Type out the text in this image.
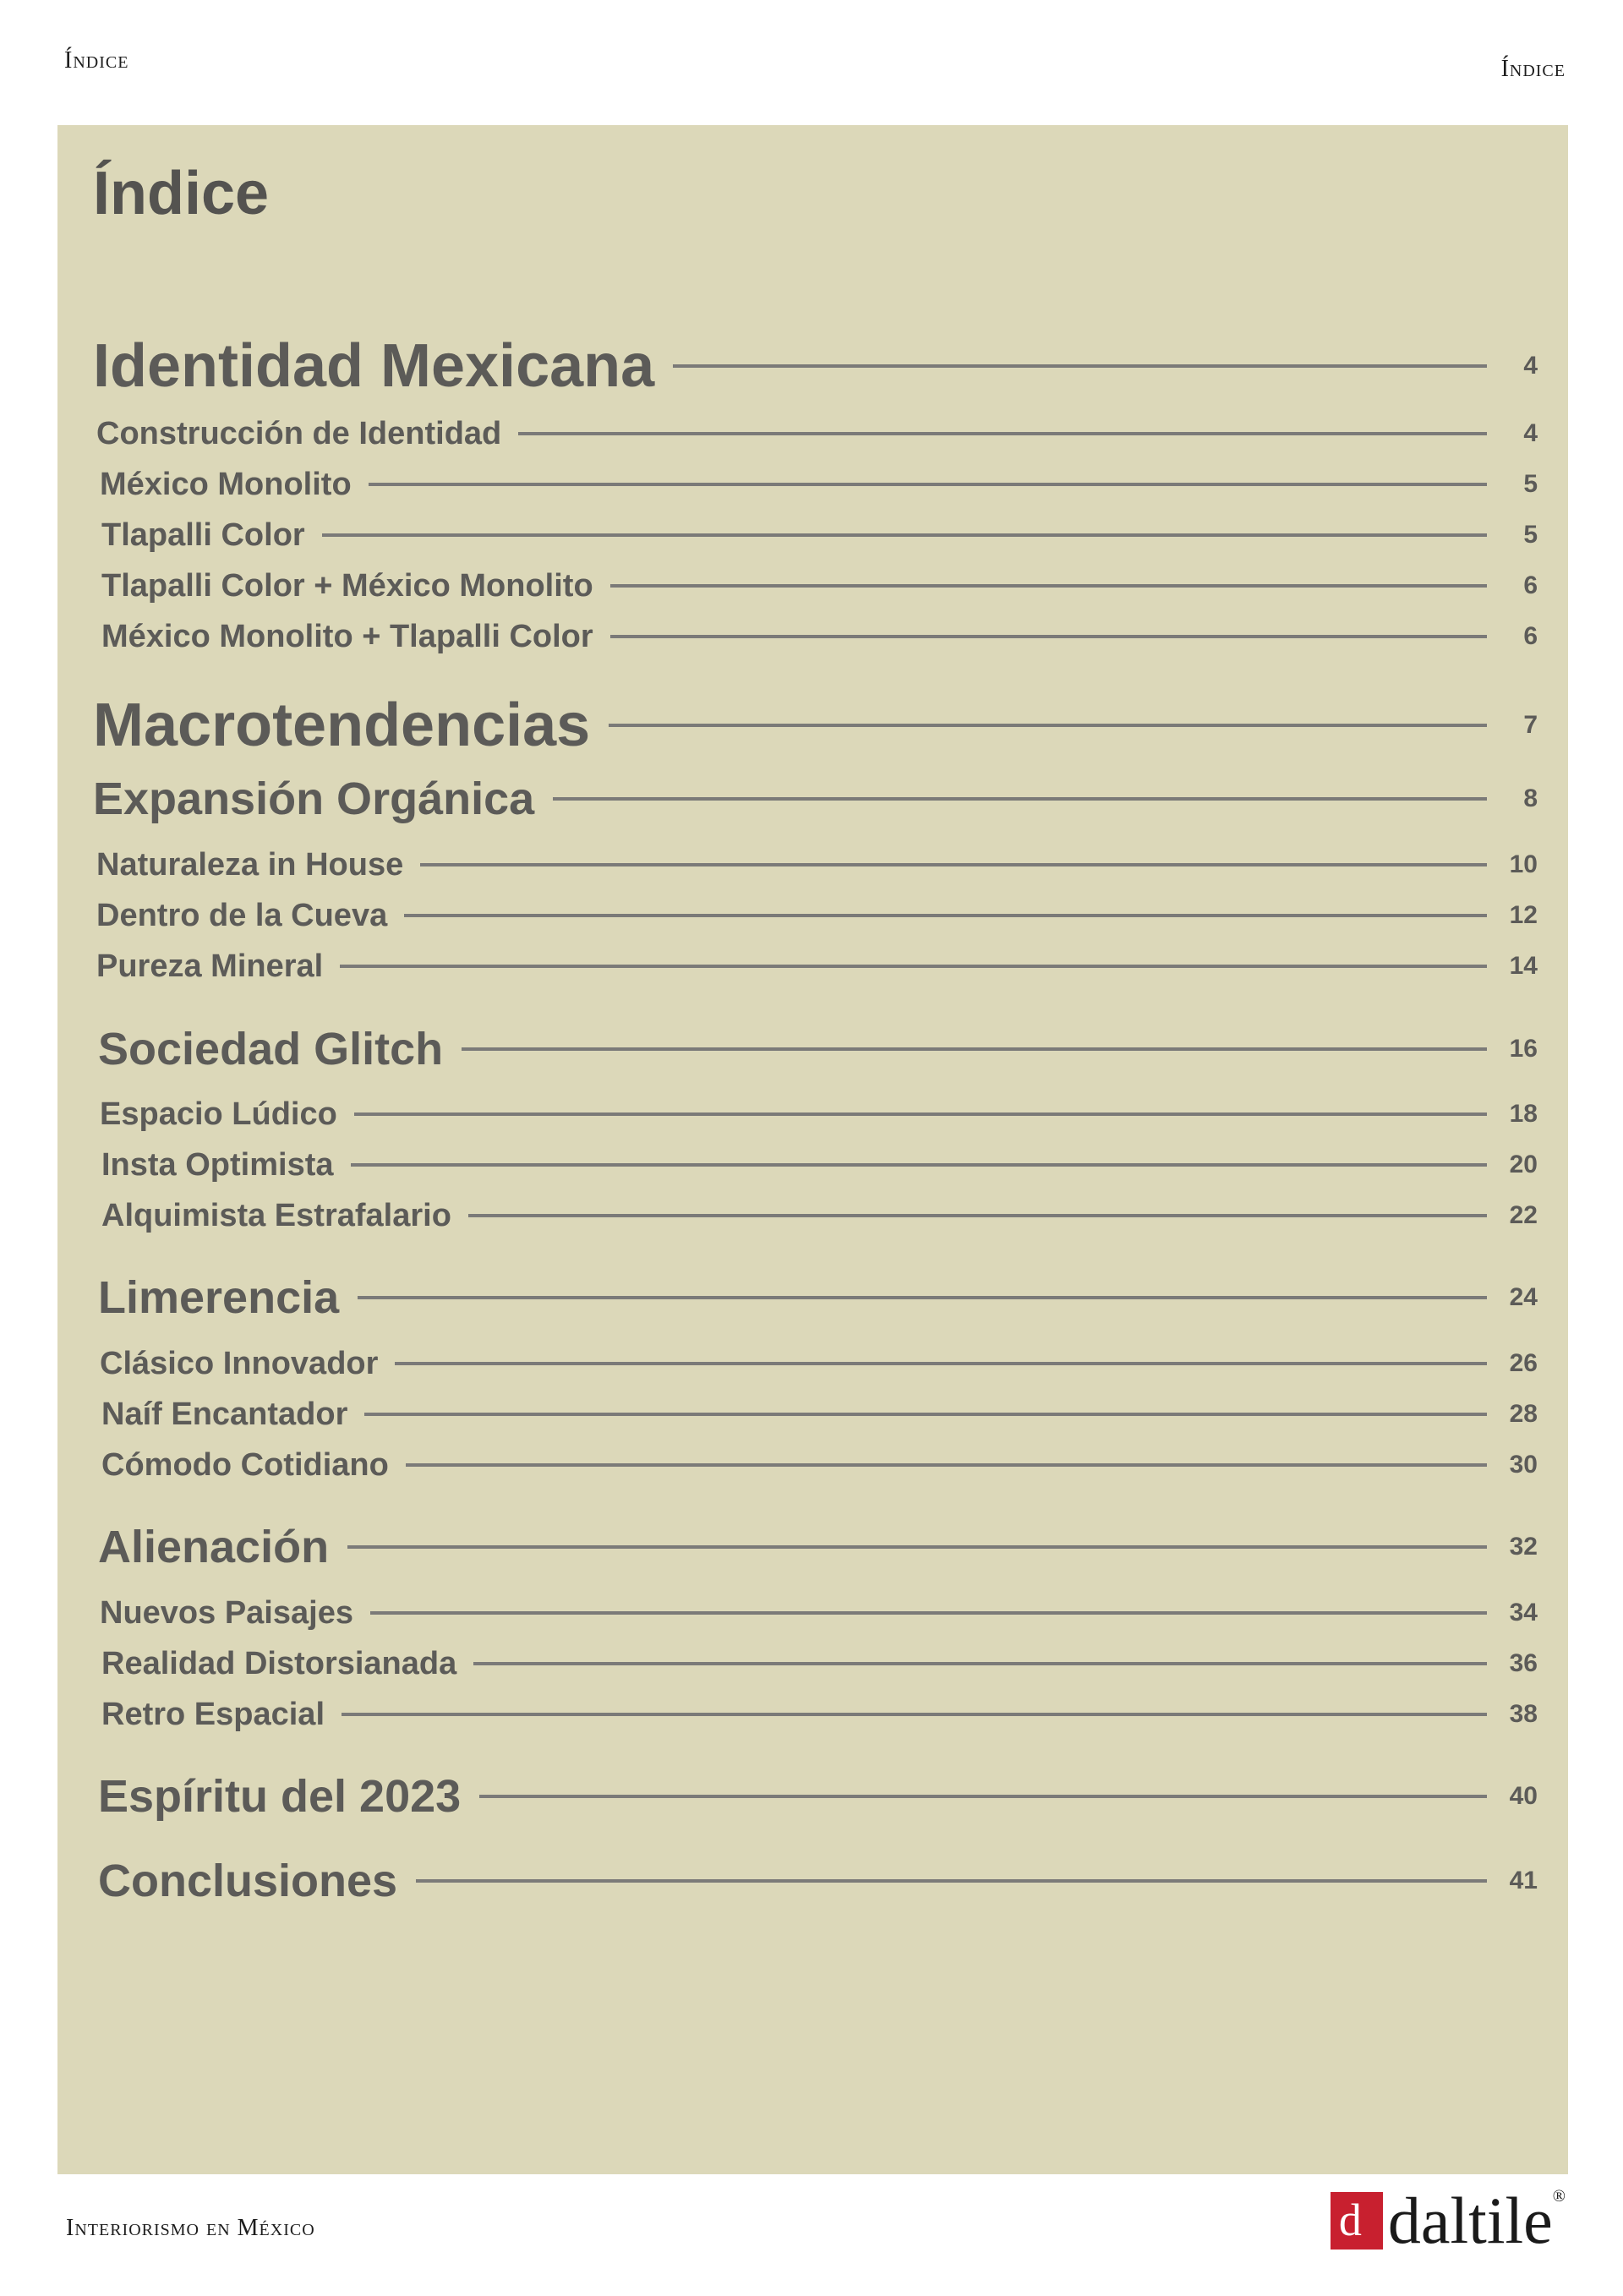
Índice	Índice
Índice
Identidad Mexicana	4
Construcción de Identidad	4
México Monolito	5
Tlapalli Color	5
Tlapalli Color + México Monolito	6
México Monolito + Tlapalli Color	6
Macrotendencias	7
Expansión Orgánica	8
Naturaleza in House	10
Dentro de la Cueva	12
Pureza Mineral	14
Sociedad Glitch	16
Espacio Lúdico	18
Insta Optimista	20
Alquimista Estrafalario	22
Limerencia	24
Clásico Innovador	26
Naíf Encantador	28
Cómodo Cotidiano	30
Alienación	32
Nuevos Paisajes	34
Realidad Distorsianada	36
Retro Espacial	38
Espíritu del 2023	40
Conclusiones	41
Interiorismo en México	d daltile®
